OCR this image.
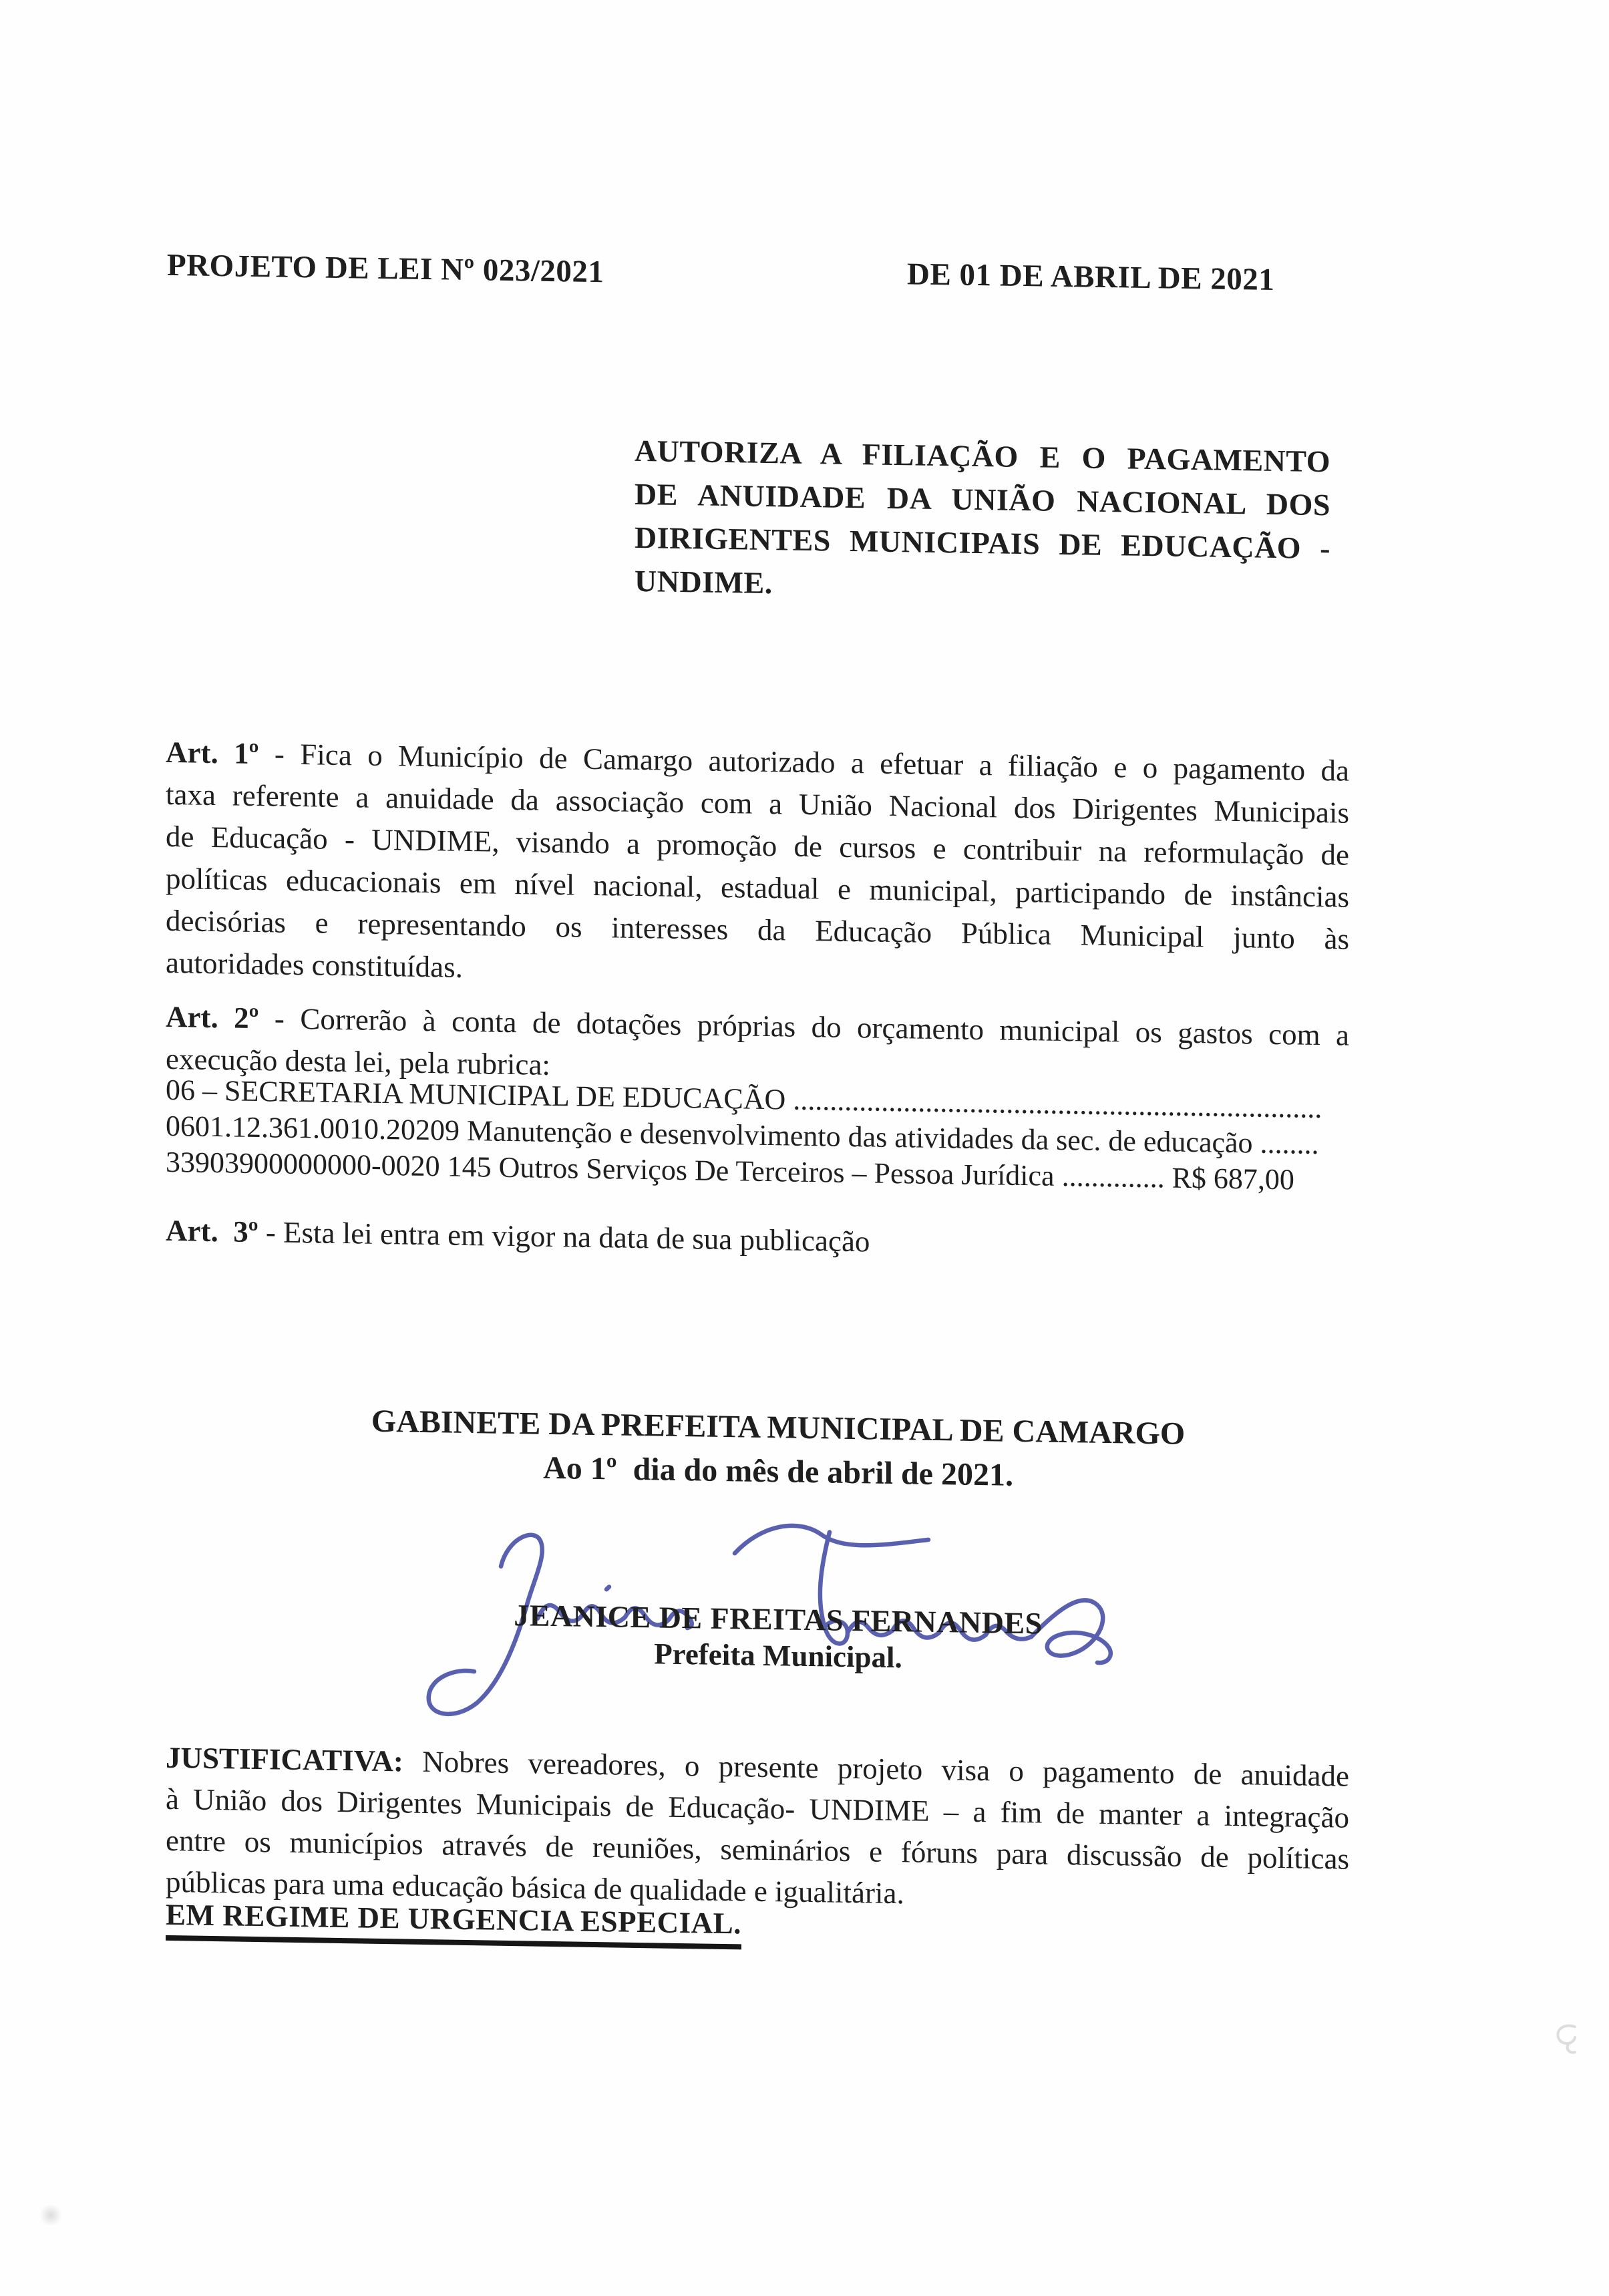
PROJETO DE LEI Nº 023/2021	DE 01 DE ABRIL DE 2021
AUTORIZA A FILIAÇÃO E O PAGAMENTO
DE ANUIDADE DA UNIÃO NACIONAL DOS
DIRIGENTES MUNICIPAIS DE EDUCAÇÃO -
UNDIME.
Art. 1º - Fica o Município de Camargo autorizado a efetuar a filiação e o pagamento da
taxa referente a anuidade da associação com a União Nacional dos Dirigentes Municipais
de Educação - UNDIME, visando a promoção de cursos e contribuir na reformulação de
políticas educacionais em nível nacional, estadual e municipal, participando de instâncias
decisórias e representando os interesses da Educação Pública Municipal junto às
autoridades constituídas.
Art. 2º - Correrão à conta de dotações próprias do orçamento municipal os gastos com a
execução desta lei, pela rubrica:
06 – SECRETARIA MUNICIPAL DE EDUCAÇÃO ........................................................................
0601.12.361.0010.20209 Manutenção e desenvolvimento das atividades da sec. de educação ........
33903900000000-0020 145 Outros Serviços De Terceiros – Pessoa Jurídica .............. R$ 687,00
Art.  3º - Esta lei entra em vigor na data de sua publicação
GABINETE DA PREFEITA MUNICIPAL DE CAMARGO
Ao 1º  dia do mês de abril de 2021.
JEANICE DE FREITAS FERNANDES
Prefeita Municipal.
JUSTIFICATIVA: Nobres vereadores, o presente projeto visa o pagamento de anuidade
à União dos Dirigentes Municipais de Educação- UNDIME – a fim de manter a integração
entre os municípios através de reuniões, seminários e fóruns para discussão de políticas
públicas para uma educação básica de qualidade e igualitária.
EM REGIME DE URGENCIA ESPECIAL.
